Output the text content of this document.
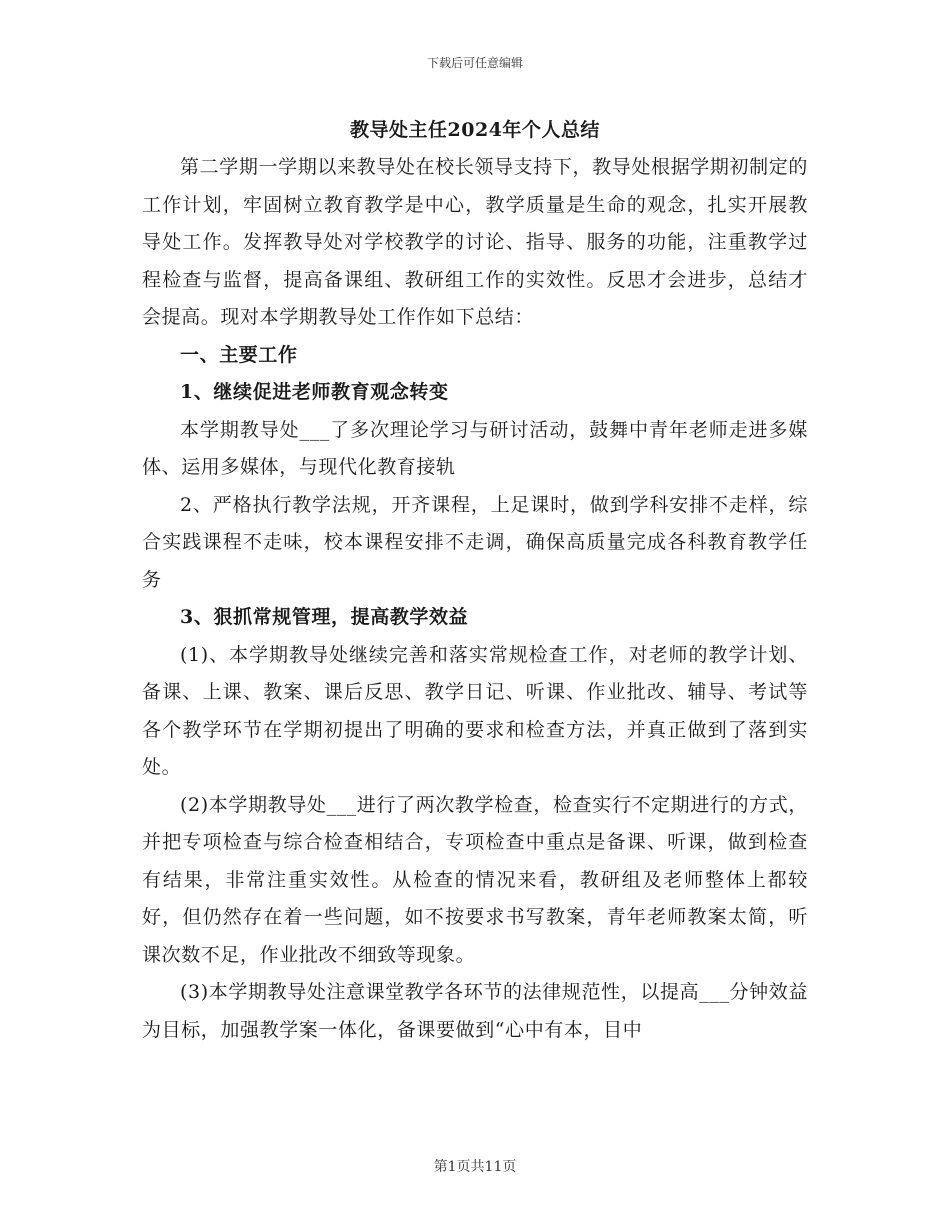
下载后可任意编辑
教导处主任2024年个人总结

第二学期一学期以来教导处在校长领导支持下，教导处根据学期初制定的工作计划，牢固树立教育教学是中心，教学质量是生命的观念，扎实开展教导处工作。发挥教导处对学校教学的讨论、指导、服务的功能，注重教学过程检查与监督，提高备课组、教研组工作的实效性。反思才会进步，总结才会提高。现对本学期教导处工作作如下总结：

一、主要工作

1、继续促进老师教育观念转变

本学期教导处___了多次理论学习与研讨活动，鼓舞中青年老师走进多媒体、运用多媒体，与现代化教育接轨

2、严格执行教学法规，开齐课程，上足课时，做到学科安排不走样，综合实践课程不走味，校本课程安排不走调，确保高质量完成各科教育教学任务

3、狠抓常规管理，提高教学效益

(1)、本学期教导处继续完善和落实常规检查工作，对老师的教学计划、备课、上课、教案、课后反思、教学日记、听课、作业批改、辅导、考试等各个教学环节在学期初提出了明确的要求和检查方法，并真正做到了落到实处。

(2)本学期教导处___进行了两次教学检查，检查实行不定期进行的方式，并把专项检查与综合检查相结合，专项检查中重点是备课、听课，做到检查有结果，非常注重实效性。从检查的情况来看，教研组及老师整体上都较好，但仍然存在着一些问题，如不按要求书写教案，青年老师教案太简，听课次数不足，作业批改不细致等现象。

(3)本学期教导处注意课堂教学各环节的法律规范性，以提高___分钟效益为目标，加强教学案一体化，备课要做到“心中有本，目中

第1页共11页
